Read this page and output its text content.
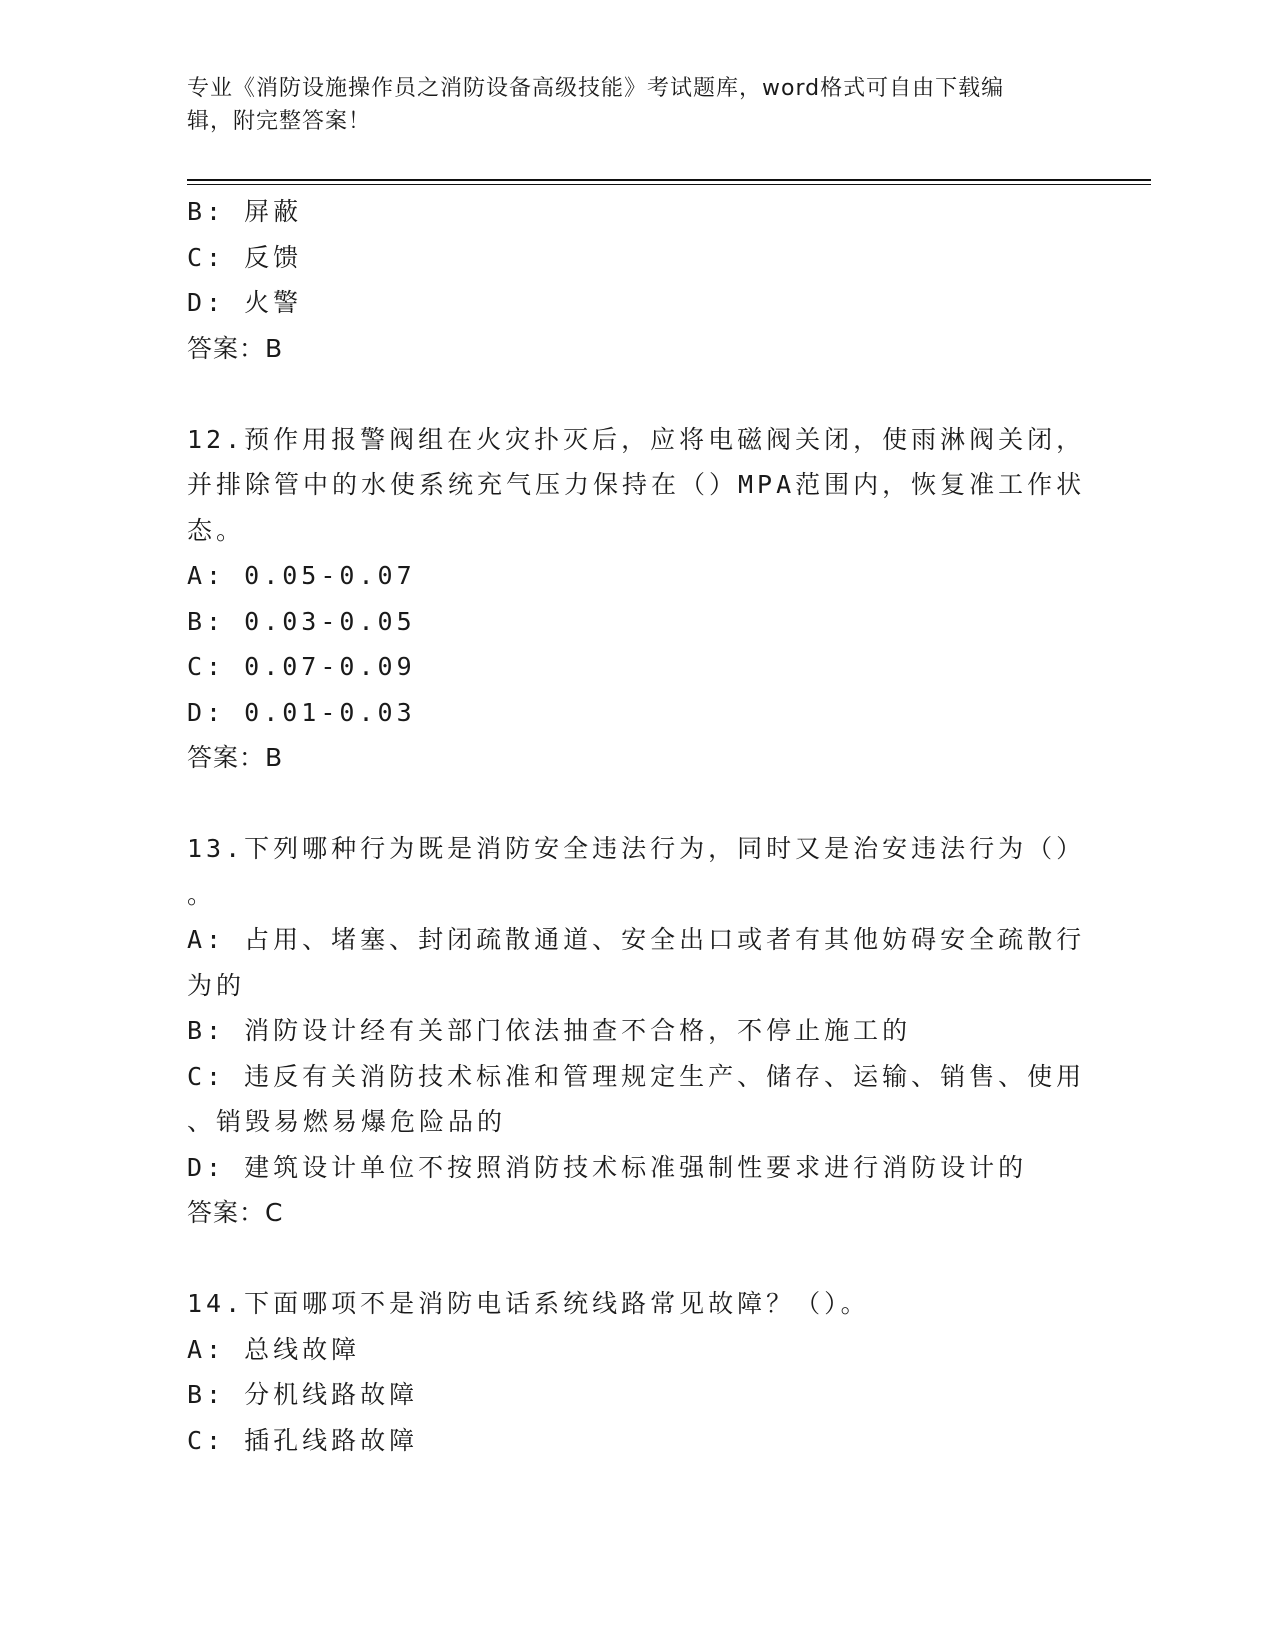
专业《消防设施操作员之消防设备高级技能》考试题库，word格式可自由下载编
辑，附完整答案！
B: 屏蔽
C: 反馈
D: 火警
答案：B
12.预作用报警阀组在火灾扑灭后，应将电磁阀关闭，使雨淋阀关闭，
并排除管中的水使系统充气压力保持在（）MPA范围内，恢复准工作状
态。
A: 0.05-0.07
B: 0.03-0.05
C: 0.07-0.09
D: 0.01-0.03
答案：B
13.下列哪种行为既是消防安全违法行为，同时又是治安违法行为（）
。
A: 占用、堵塞、封闭疏散通道、安全出口或者有其他妨碍安全疏散行
为的
B: 消防设计经有关部门依法抽查不合格，不停止施工的
C: 违反有关消防技术标准和管理规定生产、储存、运输、销售、使用
、销毁易燃易爆危险品的
D: 建筑设计单位不按照消防技术标准强制性要求进行消防设计的
答案：C
14.下面哪项不是消防电话系统线路常见故障？（）。
A: 总线故障
B: 分机线路故障
C: 插孔线路故障
